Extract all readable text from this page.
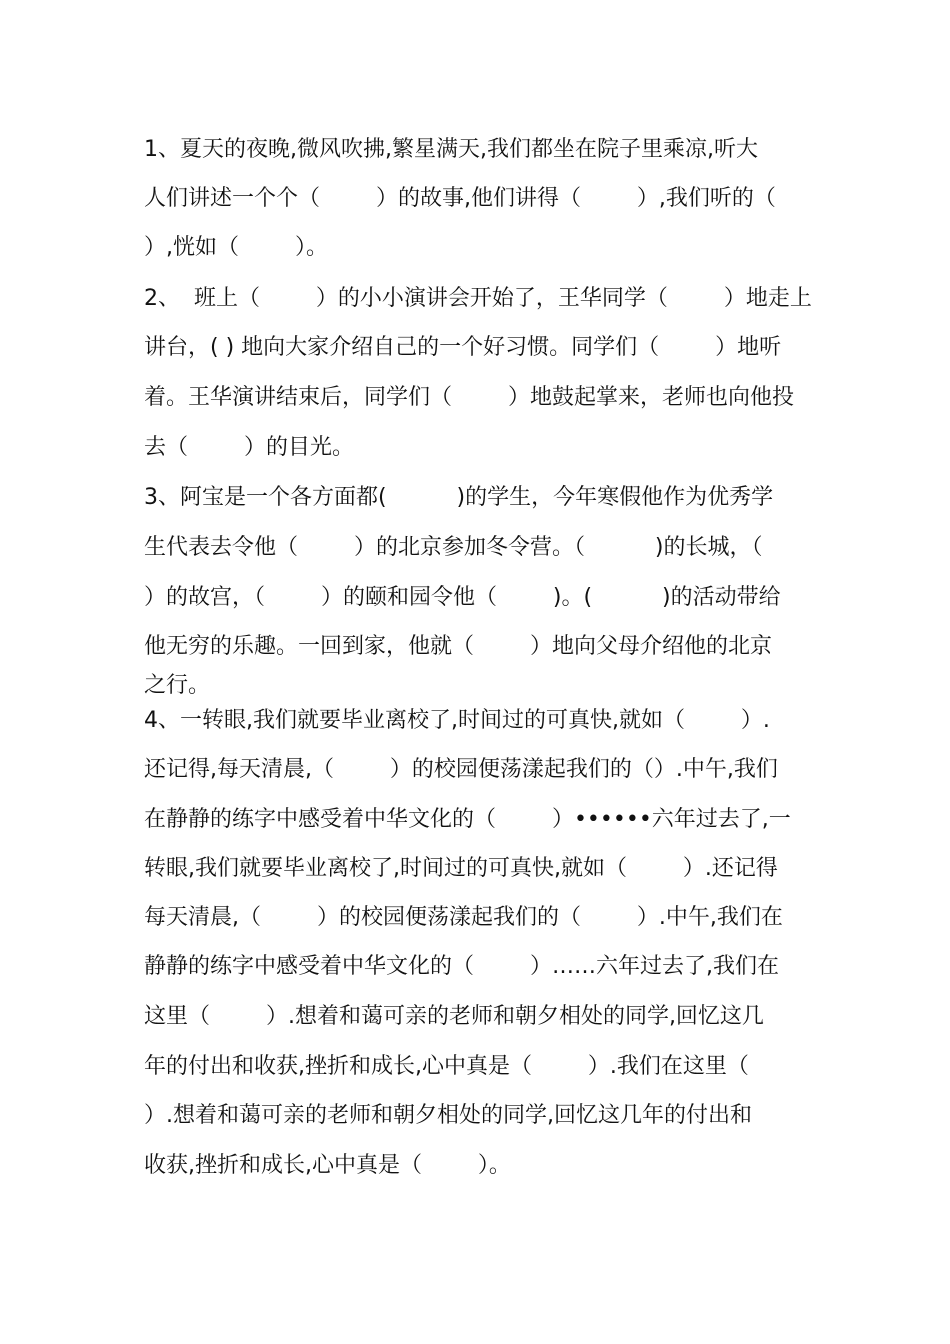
1、夏天的夜晚,微风吹拂,繁星满天,我们都坐在院子里乘凉,听大
人们讲述一个个（        ）的故事,他们讲得（        ）,我们听的（
）,恍如（        ）。
2、  班上（        ）的小小演讲会开始了，王华同学（        ）地走上
讲台，( ) 地向大家介绍自己的一个好习惯。同学们（        ）地听
着。王华演讲结束后，同学们（        ）地鼓起掌来，老师也向他投
去（        ）的目光。
3、阿宝是一个各方面都(          )的学生，今年寒假他作为优秀学
生代表去令他（        ）的北京参加冬令营。（          )的长城，（
）的故宫，（        ）的颐和园令他（        )。(          )的活动带给
他无穷的乐趣。一回到家，他就（        ）地向父母介绍他的北京
之行。
4、一转眼,我们就要毕业离校了,时间过的可真快,就如（        ）.
还记得,每天清晨,（        ）的校园便荡漾起我们的（）.中午,我们
在静静的练字中感受着中华文化的（        ）••••••六年过去了,一
转眼,我们就要毕业离校了,时间过的可真快,就如（        ）.还记得
每天清晨,（        ）的校园便荡漾起我们的（        ）.中午,我们在
静静的练字中感受着中华文化的（        ）……六年过去了,我们在
这里（        ）.想着和蔼可亲的老师和朝夕相处的同学,回忆这几
年的付出和收获,挫折和成长,心中真是（        ）.我们在这里（
）.想着和蔼可亲的老师和朝夕相处的同学,回忆这几年的付出和
收获,挫折和成长,心中真是（        ）。
